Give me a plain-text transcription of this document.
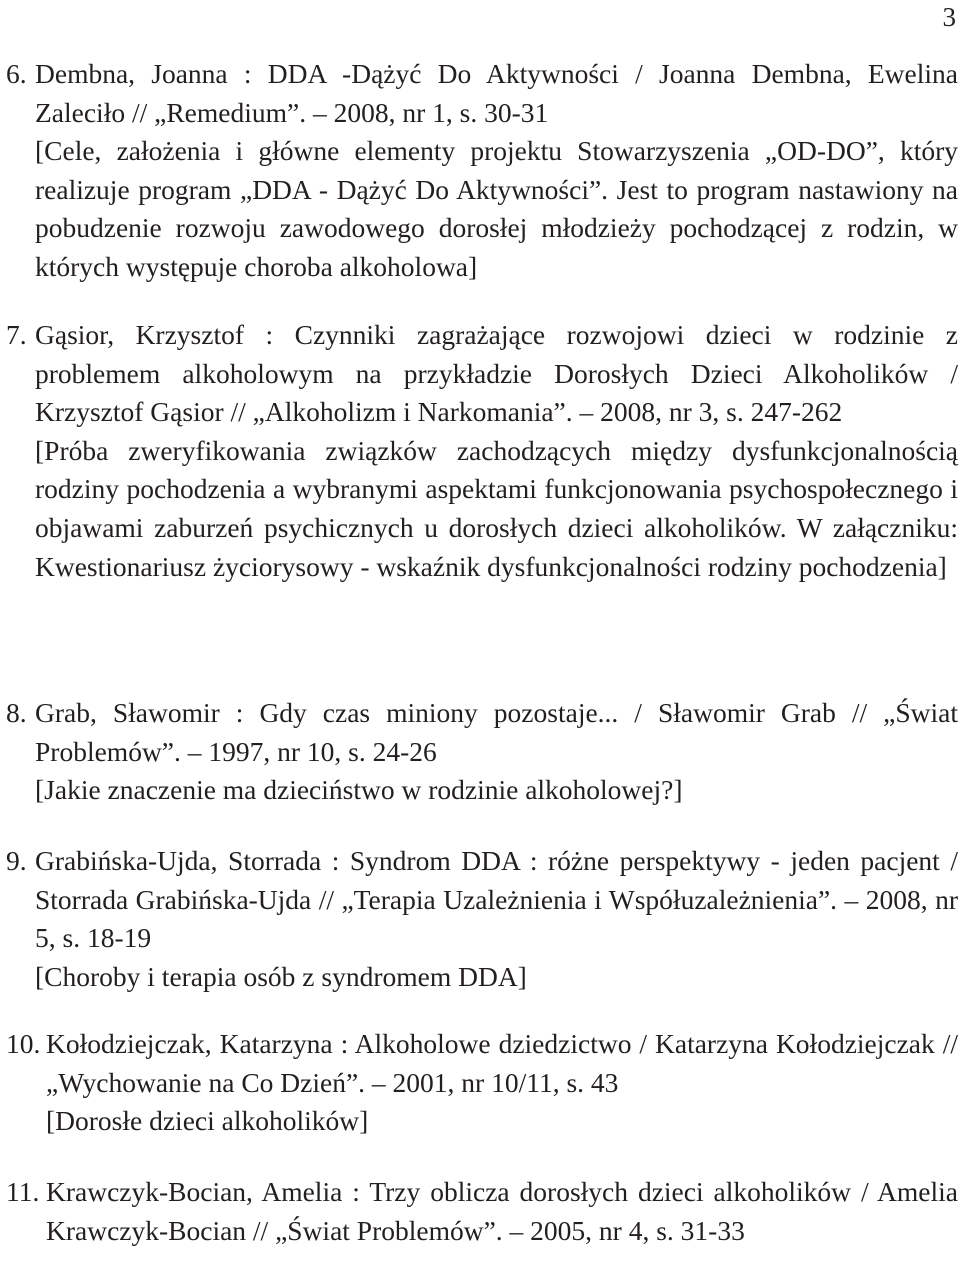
3
6. Dembna, Joanna : DDA -Dążyć Do Aktywności / Joanna Dembna, Ewelina Zaleciło // „Remedium”. – 2008, nr 1, s. 30-31
[Cele, założenia i główne elementy projektu Stowarzyszenia „OD-DO”, który realizuje program „DDA - Dążyć Do Aktywności”. Jest to program nastawiony na pobudzenie rozwoju zawodowego dorosłej młodzieży pochodzącej z rodzin, w których występuje choroba alkoholowa]
7. Gąsior, Krzysztof : Czynniki zagrażające rozwojowi dzieci w rodzinie z problemem alkoholowym na przykładzie Dorosłych Dzieci Alkoholików / Krzysztof Gąsior // „Alkoholizm i Narkomania”. – 2008, nr 3, s. 247-262
[Próba zweryfikowania związków zachodzących między dysfunkcjonalnością rodziny pochodzenia a wybranymi aspektami funkcjonowania psychospołecznego i objawami zaburzeń psychicznych u dorosłych dzieci alkoholików. W załączniku: Kwestionariusz życiorysowy - wskaźnik dysfunkcjonalności rodziny pochodzenia]
8. Grab, Sławomir : Gdy czas miniony pozostaje... / Sławomir Grab // „Świat Problemów”. – 1997, nr 10, s. 24-26
[Jakie znaczenie ma dzieciństwo w rodzinie alkoholowej?]
9. Grabińska-Ujda, Storrada : Syndrom DDA : różne perspektywy - jeden pacjent / Storrada Grabińska-Ujda // „Terapia Uzależnienia i Współuzależnienia”. – 2008, nr 5, s. 18-19
[Choroby i terapia osób z syndromem DDA]
10. Kołodziejczak, Katarzyna : Alkoholowe dziedzictwo / Katarzyna Kołodziejczak // „Wychowanie na Co Dzień”. – 2001, nr 10/11, s. 43
[Dorosłe dzieci alkoholików]
11. Krawczyk-Bocian, Amelia : Trzy oblicza dorosłych dzieci alkoholików / Amelia Krawczyk-Bocian // „Świat Problemów”. – 2005, nr 4, s. 31-33
